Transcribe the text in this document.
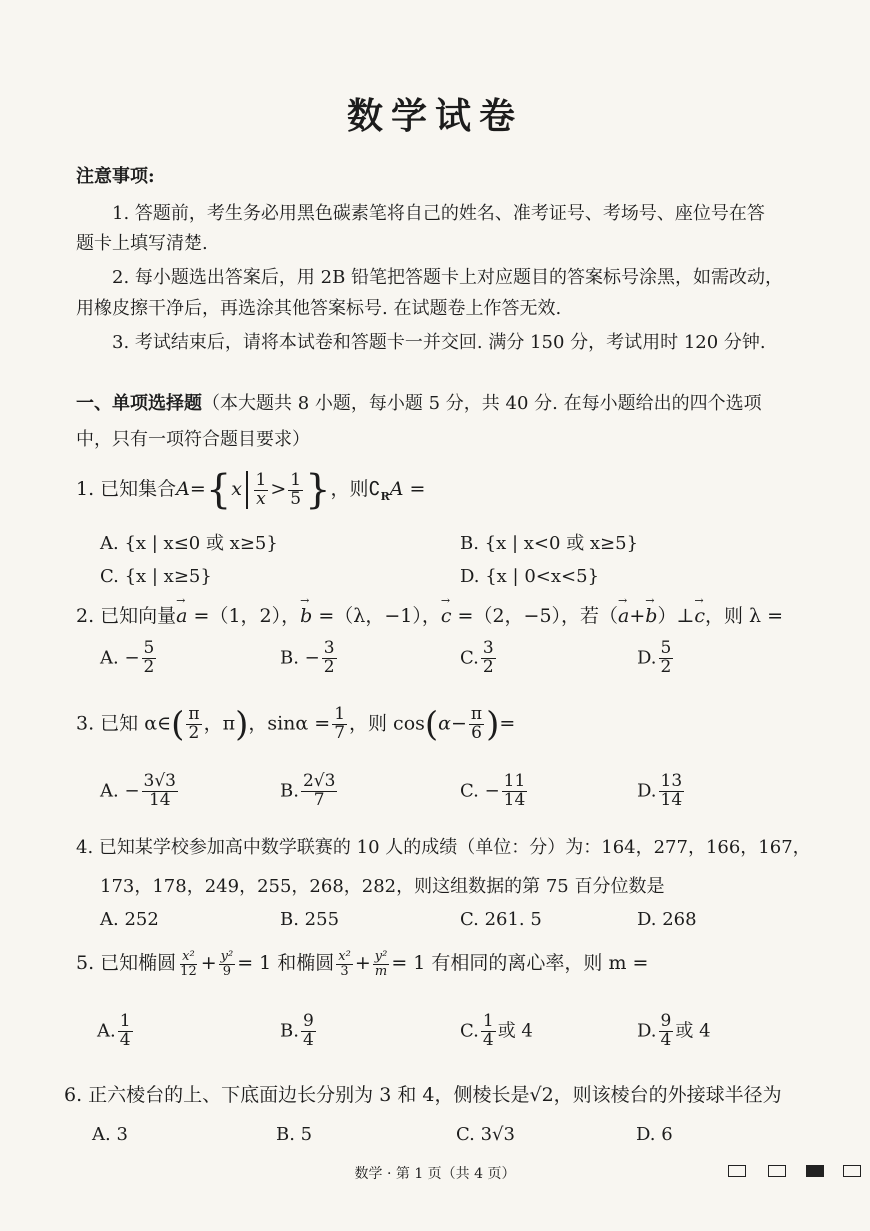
数学试卷
注意事项:
1. 答题前，考生务必用黑色碳素笔将自己的姓名、准考证号、考场号、座位号在答
题卡上填写清楚.
2. 每小题选出答案后，用 2B 铅笔把答题卡上对应题目的答案标号涂黑，如需改动，
用橡皮擦干净后，再选涂其他答案标号. 在试题卷上作答无效.
3. 考试结束后，请将本试卷和答题卡一并交回. 满分 150 分，考试用时 120 分钟.
一、单项选择题（本大题共 8 小题，每小题 5 分，共 40 分. 在每小题给出的四个选项
中，只有一项符合题目要求）
1. 已知集合$A=\{x \frac{1}{x} > \frac{1}{5}$ }，则$∁_RA$ =
A. {x | x≤0 或 x≥5}	B. {x | x<0 或 x≥5}
C. {x | x≥5}	D. {x | 0<x<5}
2. 已知向量→ a =（1，2），→ b =（λ，−1），→ c =（2，−5），若（→ a+→ b）⊥→ c，则 λ =
A. − $\frac{5}{2}$	B. − $\frac{3}{2}$	C. $\frac{3}{2}$	D. $\frac{5}{2}$
3. 已知 α∈( $\frac{\pi}{2}$ ，π)，$\sin\alpha = \frac{1}{7}$ ，则 $\cos(\alpha- \frac{\pi}{6}$ )=
A. − $\frac{3√3}{14}$	B. $\frac{2√3}{7}$	C. − $\frac{11}{14}$	D. $\frac{13}{14}$
4. 已知某学校参加高中数学联赛的 10 人的成绩（单位：分）为：164，277，166，167，
173，178，249，255，268，282，则这组数据的第 75 百分位数是
A. 252	B. 255	C. 261. 5	D. 268
5. 已知椭圆 $\frac{\text{x²}}{12} + \frac{\text{y²}}{9} = 1$ 和椭圆 $\frac{\text{x²}}{3} + \frac{\text{y²}}{m} = 1$ 有相同的离心率，则 m =
A. $\frac{1}{4}$	B. $\frac{9}{4}$	C. $\frac{1}{4}$ 或 4	D. $\frac{9}{4}$ 或 4
6. 正六棱台的上、下底面边长分别为 3 和 4，侧棱长是√2，则该棱台的外接球半径为
A. 3	B. 5	C. 3√3	D. 6
数学 · 第 1 页（共 4 页）
